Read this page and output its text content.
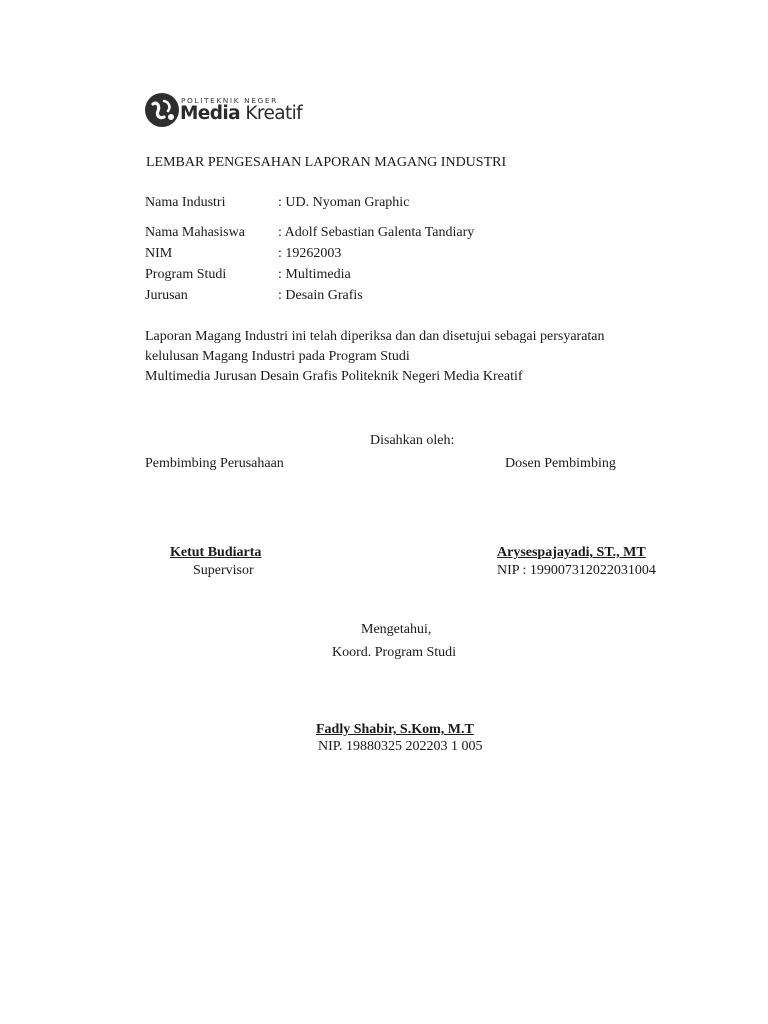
POLITEKNIK NEGER
Media Kreatif
LEMBAR PENGESAHAN LAPORAN MAGANG INDUSTRI
Nama Industri	: UD. Nyoman Graphic
Nama Mahasiswa : Adolf Sebastian Galenta Tandiary
NIM	: 19262003
Program Studi	: Multimedia
Jurusan	: Desain Grafis
Laporan Magang Industri ini telah diperiksa dan dan disetujui sebagai persyaratan
kelulusan Magang Industri pada Program Studi
Multimedia Jurusan Desain Grafis Politeknik Negeri Media Kreatif
Disahkan oleh:
Pembimbing Perusahaan	Dosen Pembimbing
Ketut Budiarta
Supervisor
Arysespajayadi, ST., MT
NIP : 199007312022031004
Mengetahui,
Koord. Program Studi
Fadly Shabir, S.Kom, M.T
NIP. 19880325 202203 1 005
